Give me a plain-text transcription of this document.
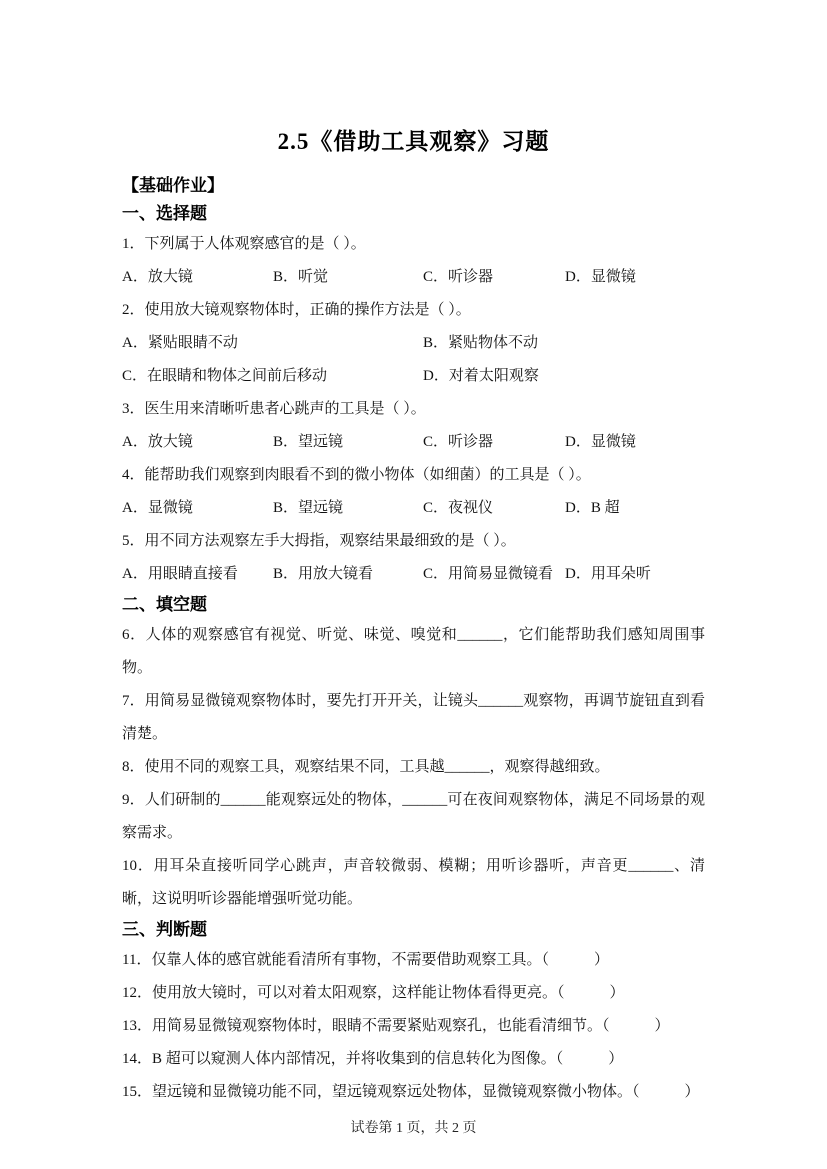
2.5《借助工具观察》习题
【基础作业】
一、选择题

1．下列属于人体观察感官的是（ ）。

A．放大镜	B．听觉	C．听诊器	D．显微镜

2．使用放大镜观察物体时，正确的操作方法是（ ）。

A．紧贴眼睛不动	B．紧贴物体不动
C．在眼睛和物体之间前后移动	D．对着太阳观察

3．医生用来清晰听患者心跳声的工具是（ ）。

A．放大镜	B．望远镜	C．听诊器	D．显微镜

4．能帮助我们观察到肉眼看不到的微小物体（如细菌）的工具是（ ）。

A．显微镜	B．望远镜	C．夜视仪	D．B 超

5．用不同方法观察左手大拇指，观察结果最细致的是（ ）。

A．用眼睛直接看	B．用放大镜看	C．用简易显微镜看 D．用耳朵听
二、填空题

6．人体的观察感官有视觉、听觉、味觉、嗅觉和______，它们能帮助我们感知周围事物。

7．用简易显微镜观察物体时，要先打开开关，让镜头______观察物，再调节旋钮直到看清楚。

8．使用不同的观察工具，观察结果不同，工具越______，观察得越细致。

9．人们研制的______能观察远处的物体，______可在夜间观察物体，满足不同场景的观察需求。

10．用耳朵直接听同学心跳声，声音较微弱、模糊；用听诊器听，声音更______、清晰，这说明听诊器能增强听觉功能。

三、判断题

11．仅靠人体的感官就能看清所有事物，不需要借助观察工具。（　　　）

12．使用放大镜时，可以对着太阳观察，这样能让物体看得更亮。（　　　）

13．用简易显微镜观察物体时，眼睛不需要紧贴观察孔，也能看清细节。（　　　）

14．B 超可以窥测人体内部情况，并将收集到的信息转化为图像。（　　　）

15．望远镜和显微镜功能不同，望远镜观察远处物体，显微镜观察微小物体。（　　　）

试卷第 1 页，共 2 页
